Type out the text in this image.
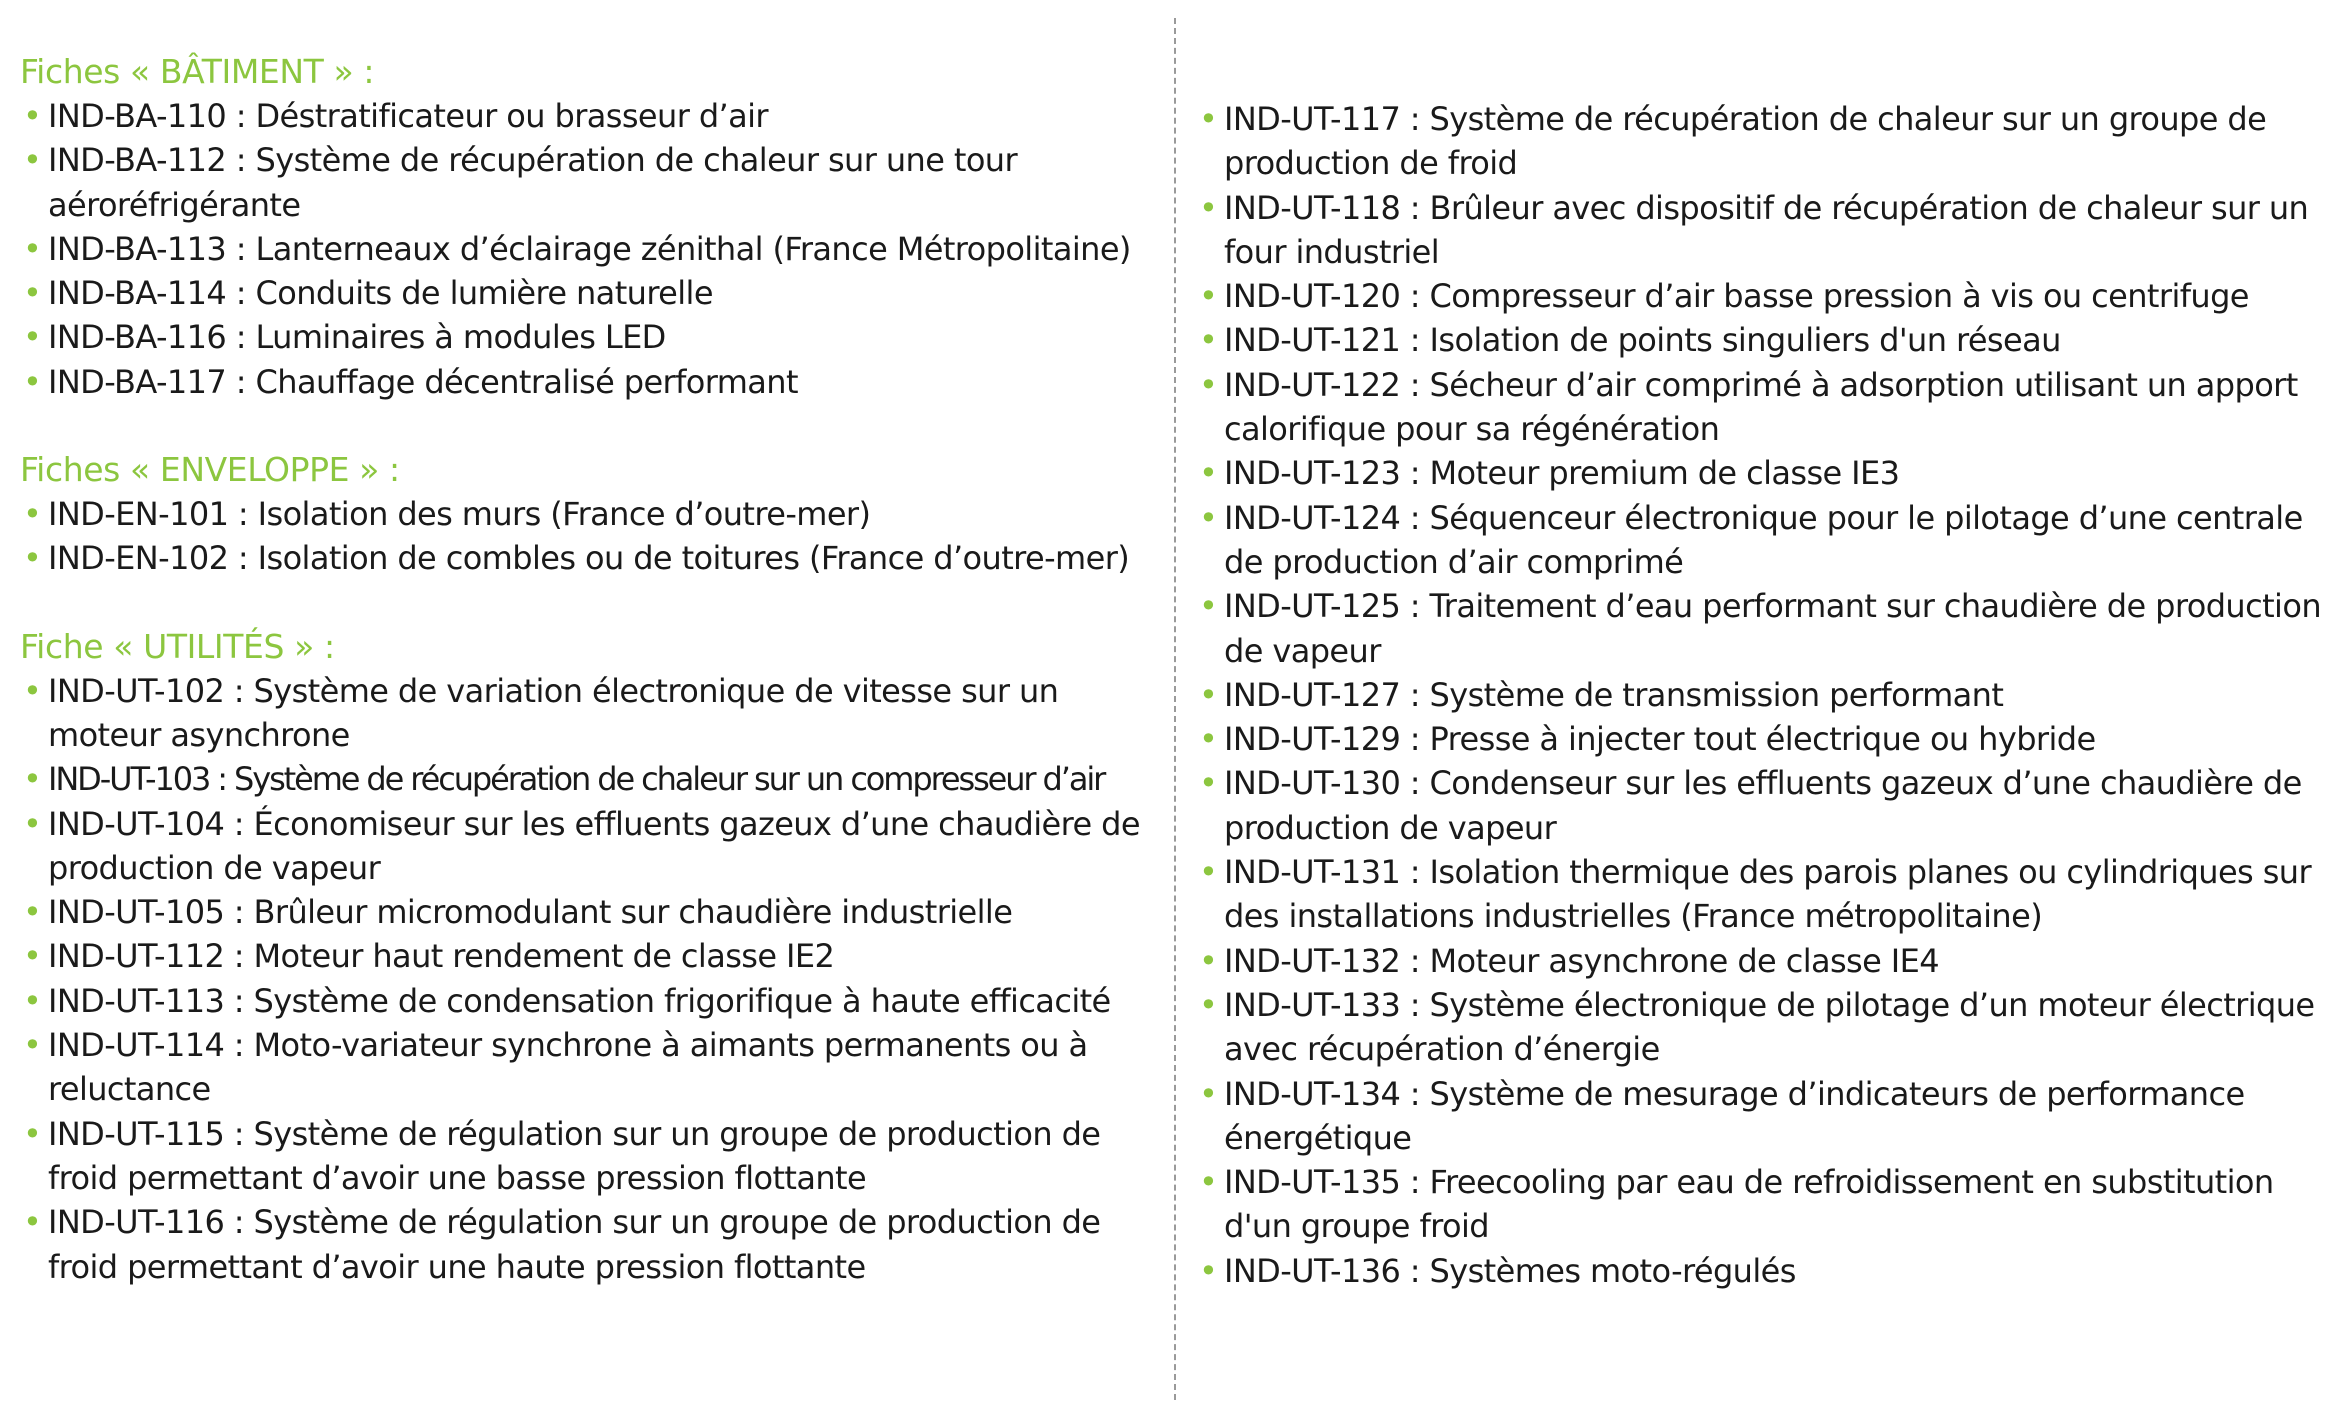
Fiches « BÂTIMENT » :
• IND-BA-110 : Déstratificateur ou brasseur d’air
• IND-BA-112 : Système de récupération de chaleur sur une tour aéroréfrigérante
• IND-BA-113 : Lanterneaux d’éclairage zénithal (France Métropolitaine)
• IND-BA-114 : Conduits de lumière naturelle
• IND-BA-116 : Luminaires à modules LED
• IND-BA-117 : Chauffage décentralisé performant
Fiches « ENVELOPPE » :
• IND-EN-101 : Isolation des murs (France d’outre-mer)
• IND-EN-102 : Isolation de combles ou de toitures (France d’outre-mer)
Fiche « UTILITÉS » :
• IND-UT-102 : Système de variation électronique de vitesse sur un moteur asynchrone
• IND-UT-103 : Système de récupération de chaleur sur un compresseur d’air
• IND-UT-104 : Économiseur sur les effluents gazeux d’une chaudière de production de vapeur
• IND-UT-105 : Brûleur micromodulant sur chaudière industrielle
• IND-UT-112 : Moteur haut rendement de classe IE2
• IND-UT-113 : Système de condensation frigorifique à haute efficacité
• IND-UT-114 : Moto-variateur synchrone à aimants permanents ou à reluctance
• IND-UT-115 : Système de régulation sur un groupe de production de froid permettant d’avoir une basse pression flottante
• IND-UT-116 : Système de régulation sur un groupe de production de froid permettant d’avoir une haute pression flottante
• IND-UT-117 : Système de récupération de chaleur sur un groupe de production de froid
• IND-UT-118 : Brûleur avec dispositif de récupération de chaleur sur un four industriel
• IND-UT-120 : Compresseur d’air basse pression à vis ou centrifuge
• IND-UT-121 : Isolation de points singuliers d'un réseau
• IND-UT-122 : Sécheur d’air comprimé à adsorption utilisant un apport calorifique pour sa régénération
• IND-UT-123 : Moteur premium de classe IE3
• IND-UT-124 : Séquenceur électronique pour le pilotage d’une centrale de production d’air comprimé
• IND-UT-125 : Traitement d’eau performant sur chaudière de production de vapeur
• IND-UT-127 : Système de transmission performant
• IND-UT-129 : Presse à injecter tout électrique ou hybride
• IND-UT-130 : Condenseur sur les effluents gazeux d’une chaudière de production de vapeur
• IND-UT-131 : Isolation thermique des parois planes ou cylindriques sur des installations industrielles (France métropolitaine)
• IND-UT-132 : Moteur asynchrone de classe IE4
• IND-UT-133 : Système électronique de pilotage d’un moteur électrique avec récupération d’énergie
• IND-UT-134 : Système de mesurage d’indicateurs de performance énergétique
• IND-UT-135 : Freecooling par eau de refroidissement en substitution d'un groupe froid
• IND-UT-136 : Systèmes moto-régulés
